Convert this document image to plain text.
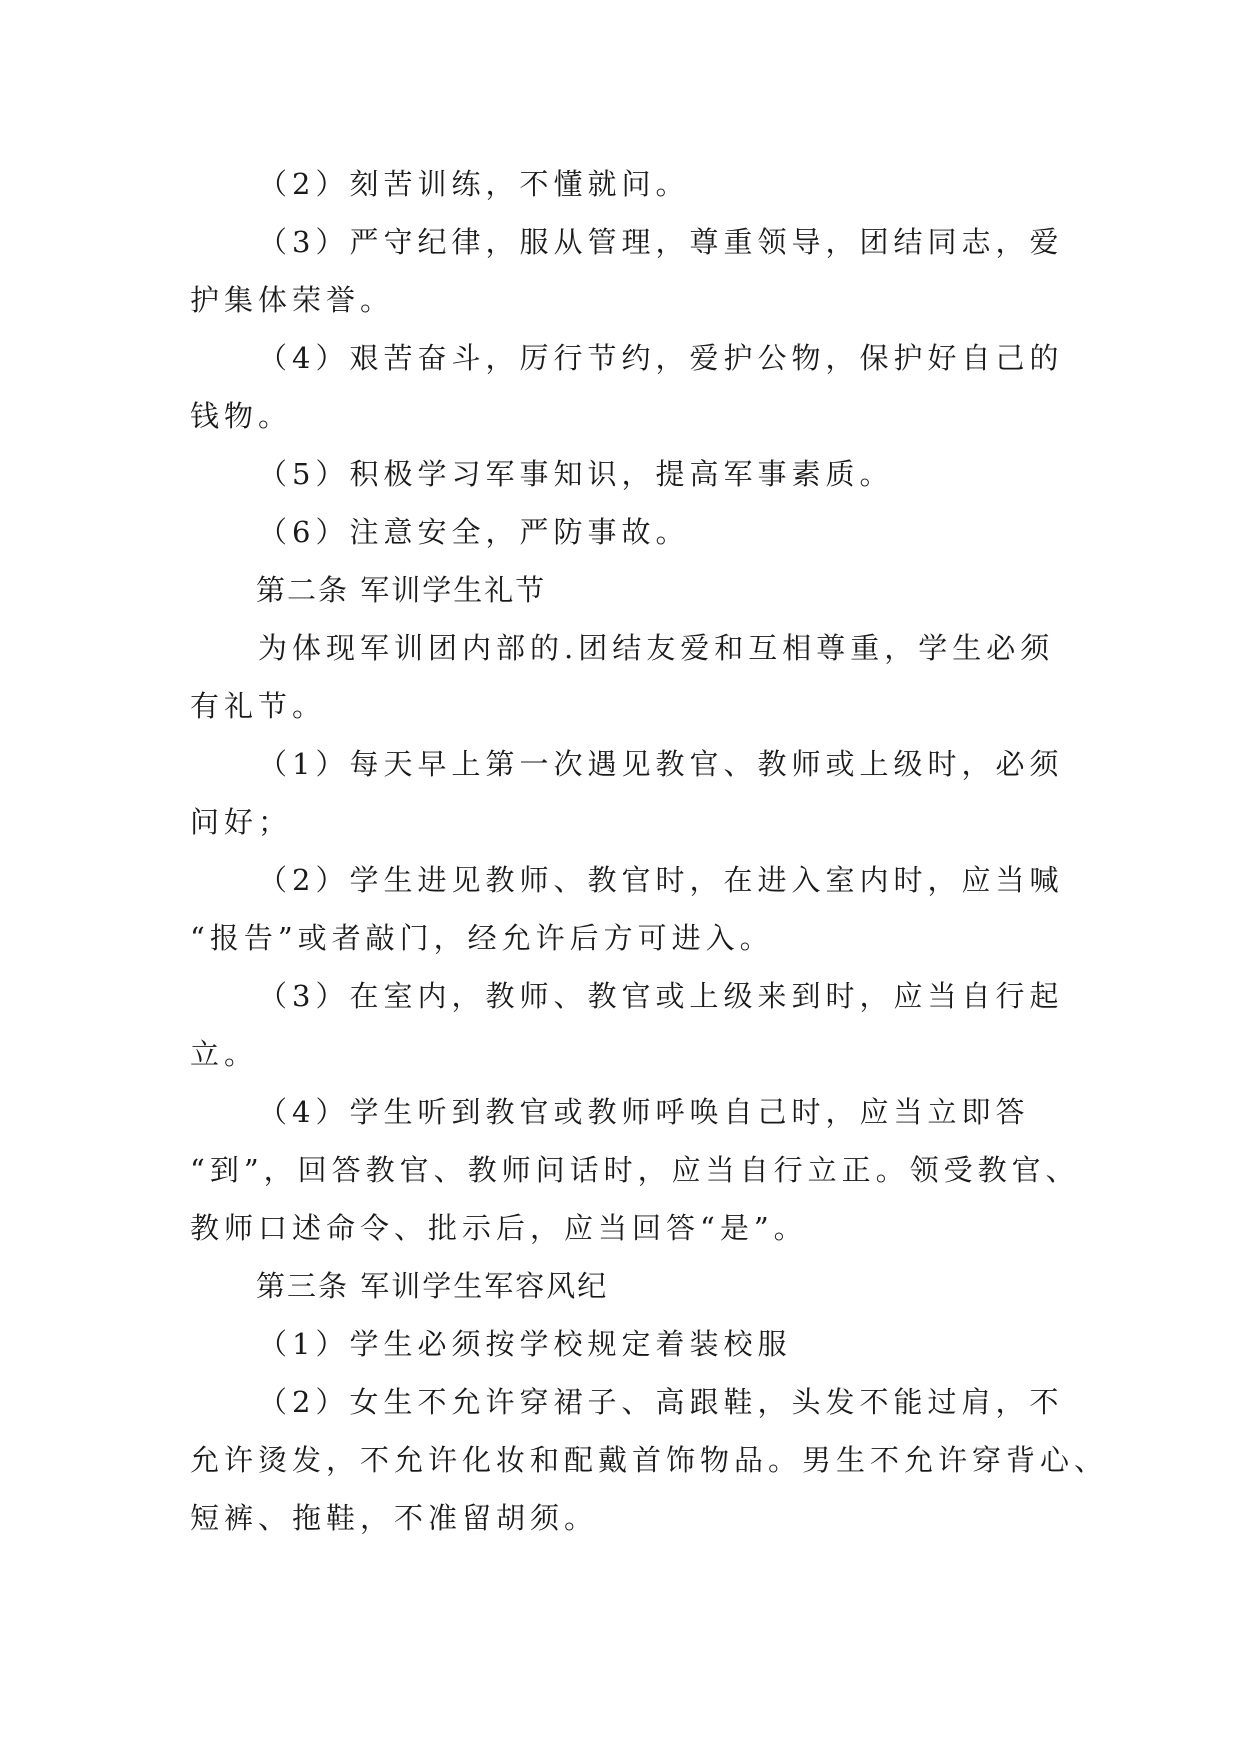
（2）刻苦训练，不懂就问。

（3）严守纪律，服从管理，尊重领导，团结同志，爱
护集体荣誉。

（4）艰苦奋斗，厉行节约，爱护公物，保护好自己的
钱物。

（5）积极学习军事知识，提高军事素质。

（6）注意安全，严防事故。

第二条 军训学生礼节

为体现军训团内部的.团结友爱和互相尊重，学生必须
有礼节。

（1）每天早上第一次遇见教官、教师或上级时，必须
问好；

（2）学生进见教师、教官时，在进入室内时，应当喊
“报告”或者敲门，经允许后方可进入。

（3）在室内，教师、教官或上级来到时，应当自行起
立。

（4）学生听到教官或教师呼唤自己时，应当立即答
“到”，回答教官、教师问话时，应当自行立正。领受教官、
教师口述命令、批示后，应当回答“是”。

第三条 军训学生军容风纪

（1）学生必须按学校规定着装校服

（2）女生不允许穿裙子、高跟鞋，头发不能过肩，不
允许烫发，不允许化妆和配戴首饰物品。男生不允许穿背心、
短裤、拖鞋，不准留胡须。
